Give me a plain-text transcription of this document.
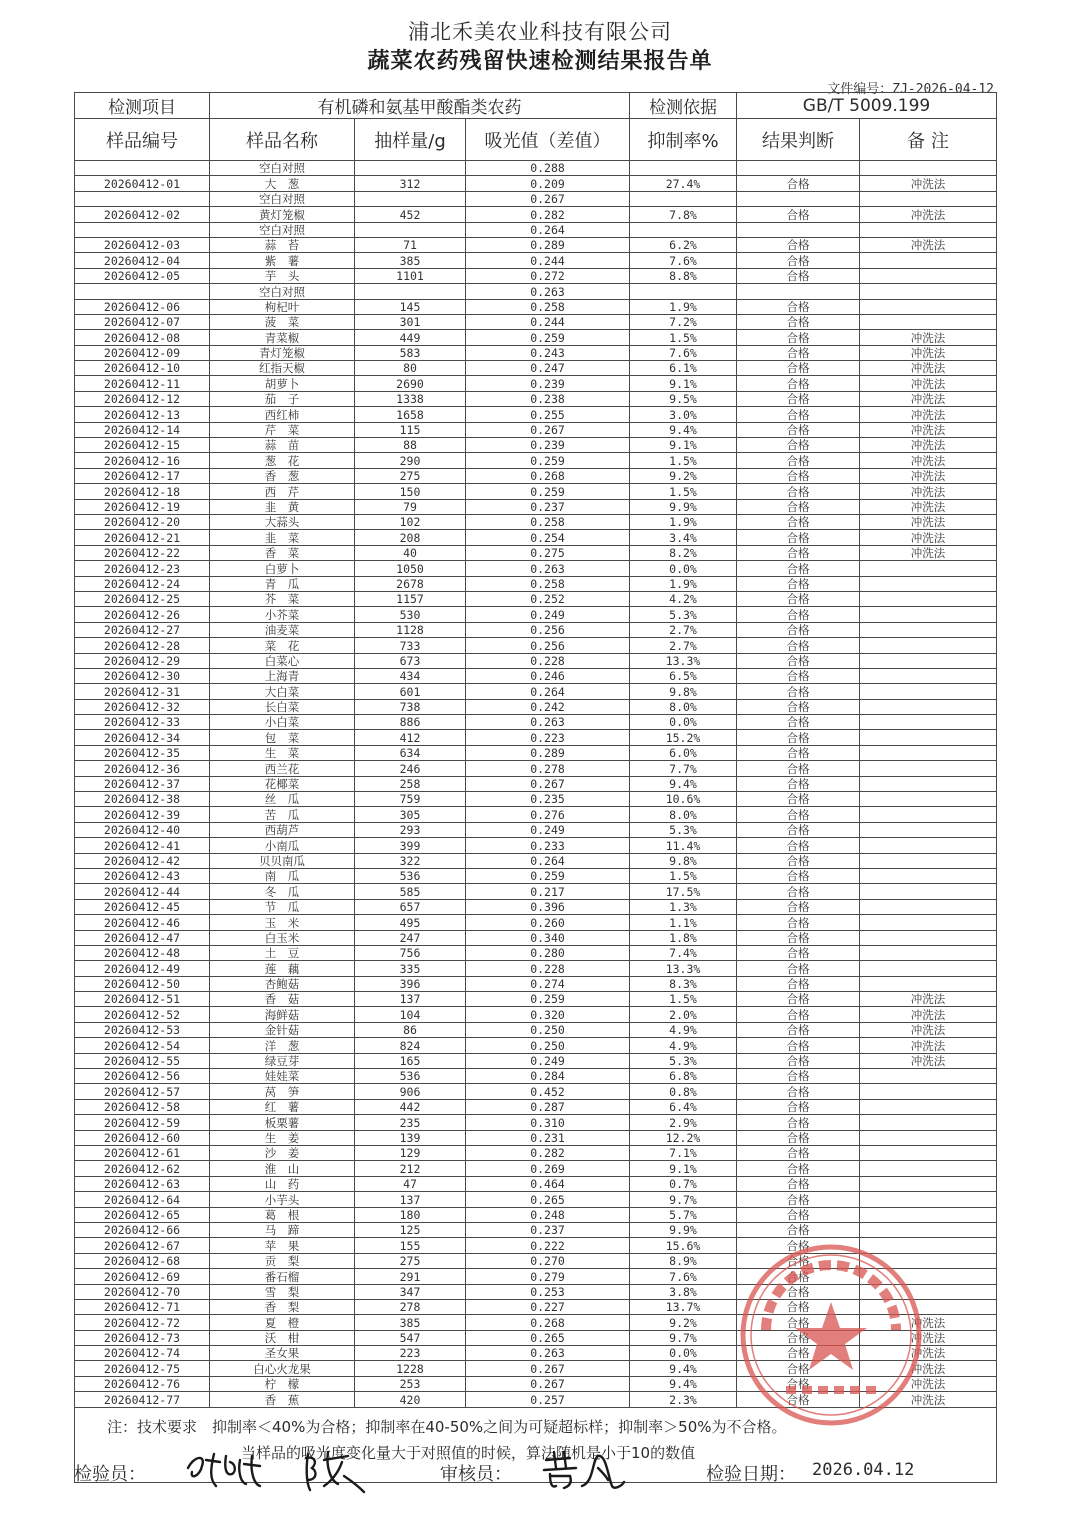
浦北禾美农业科技有限公司
蔬菜农药残留快速检测结果报告单
文件编号：ZJ-2026-04-12
检测项目	有机磷和氨基甲酸酯类农药			检测依据	GB/T 5009.199	
样品编号	样品名称	抽样量/g	吸光值（差值）	抑制率%	结果判断	备 注
	空白对照		0.288			
20260412-01	大　葱	312	0.209	27.4%	合格	冲洗法
	空白对照		0.267			
20260412-02	黄灯笼椒	452	0.282	7.8%	合格	冲洗法
	空白对照		0.264			
20260412-03	蒜　苔	71	0.289	6.2%	合格	冲洗法
20260412-04	紫　薯	385	0.244	7.6%	合格	
20260412-05	芋　头	1101	0.272	8.8%	合格	
	空白对照		0.263			
20260412-06	枸杞叶	145	0.258	1.9%	合格	
20260412-07	菠　菜	301	0.244	7.2%	合格	
20260412-08	青菜椒	449	0.259	1.5%	合格	冲洗法
20260412-09	青灯笼椒	583	0.243	7.6%	合格	冲洗法
20260412-10	红指天椒	80	0.247	6.1%	合格	冲洗法
20260412-11	胡萝卜	2690	0.239	9.1%	合格	冲洗法
20260412-12	茄　子	1338	0.238	9.5%	合格	冲洗法
20260412-13	西红柿	1658	0.255	3.0%	合格	冲洗法
20260412-14	芹　菜	115	0.267	9.4%	合格	冲洗法
20260412-15	蒜　苗	88	0.239	9.1%	合格	冲洗法
20260412-16	葱　花	290	0.259	1.5%	合格	冲洗法
20260412-17	香　葱	275	0.268	9.2%	合格	冲洗法
20260412-18	西　芹	150	0.259	1.5%	合格	冲洗法
20260412-19	韭　黄	79	0.237	9.9%	合格	冲洗法
20260412-20	大蒜头	102	0.258	1.9%	合格	冲洗法
20260412-21	韭　菜	208	0.254	3.4%	合格	冲洗法
20260412-22	香　菜	40	0.275	8.2%	合格	冲洗法
20260412-23	白萝卜	1050	0.263	0.0%	合格	
20260412-24	青　瓜	2678	0.258	1.9%	合格	
20260412-25	芥　菜	1157	0.252	4.2%	合格	
20260412-26	小芥菜	530	0.249	5.3%	合格	
20260412-27	油麦菜	1128	0.256	2.7%	合格	
20260412-28	菜　花	733	0.256	2.7%	合格	
20260412-29	白菜心	673	0.228	13.3%	合格	
20260412-30	上海青	434	0.246	6.5%	合格	
20260412-31	大白菜	601	0.264	9.8%	合格	
20260412-32	长白菜	738	0.242	8.0%	合格	
20260412-33	小白菜	886	0.263	0.0%	合格	
20260412-34	包　菜	412	0.223	15.2%	合格	
20260412-35	生　菜	634	0.289	6.0%	合格	
20260412-36	西兰花	246	0.278	7.7%	合格	
20260412-37	花椰菜	258	0.267	9.4%	合格	
20260412-38	丝　瓜	759	0.235	10.6%	合格	
20260412-39	苦　瓜	305	0.276	8.0%	合格	
20260412-40	西葫芦	293	0.249	5.3%	合格	
20260412-41	小南瓜	399	0.233	11.4%	合格	
20260412-42	贝贝南瓜	322	0.264	9.8%	合格	
20260412-43	南　瓜	536	0.259	1.5%	合格	
20260412-44	冬　瓜	585	0.217	17.5%	合格	
20260412-45	节　瓜	657	0.396	1.3%	合格	
20260412-46	玉　米	495	0.260	1.1%	合格	
20260412-47	白玉米	247	0.340	1.8%	合格	
20260412-48	土　豆	756	0.280	7.4%	合格	
20260412-49	莲　藕	335	0.228	13.3%	合格	
20260412-50	杏鲍菇	396	0.274	8.3%	合格	
20260412-51	香　菇	137	0.259	1.5%	合格	冲洗法
20260412-52	海鲜菇	104	0.320	2.0%	合格	冲洗法
20260412-53	金针菇	86	0.250	4.9%	合格	冲洗法
20260412-54	洋　葱	824	0.250	4.9%	合格	冲洗法
20260412-55	绿豆芽	165	0.249	5.3%	合格	冲洗法
20260412-56	娃娃菜	536	0.284	6.8%	合格	
20260412-57	莴　笋	906	0.452	0.8%	合格	
20260412-58	红　薯	442	0.287	6.4%	合格	
20260412-59	板栗薯	235	0.310	2.9%	合格	
20260412-60	生　姜	139	0.231	12.2%	合格	
20260412-61	沙　姜	129	0.282	7.1%	合格	
20260412-62	淮　山	212	0.269	9.1%	合格	
20260412-63	山　药	47	0.464	0.7%	合格	
20260412-64	小芋头	137	0.265	9.7%	合格	
20260412-65	葛　根	180	0.248	5.7%	合格	
20260412-66	马　蹄	125	0.237	9.9%	合格	
20260412-67	苹　果	155	0.222	15.6%	合格	
20260412-68	贡　梨	275	0.270	8.9%	合格	
20260412-69	番石榴	291	0.279	7.6%	合格	
20260412-70	雪　梨	347	0.253	3.8%	合格	
20260412-71	香　梨	278	0.227	13.7%	合格	
20260412-72	夏　橙	385	0.268	9.2%	合格	冲洗法
20260412-73	沃　柑	547	0.265	9.7%	合格	冲洗法
20260412-74	圣女果	223	0.263	0.0%	合格	冲洗法
20260412-75	白心火龙果	1228	0.267	9.4%	合格	冲洗法
20260412-76	柠　檬	253	0.267	9.4%	合格	冲洗法
20260412-77	香　蕉	420	0.257	2.3%	合格	冲洗法

注：技术要求　抑制率＜40%为合格；抑制率在40-50%之间为可疑超标样；抑制率＞50%为不合格。
当样品的吸光度变化量大于对照值的时候，算法随机是小于10的数值						
检验员：	审核员：	检验日期： 2026.04.12
